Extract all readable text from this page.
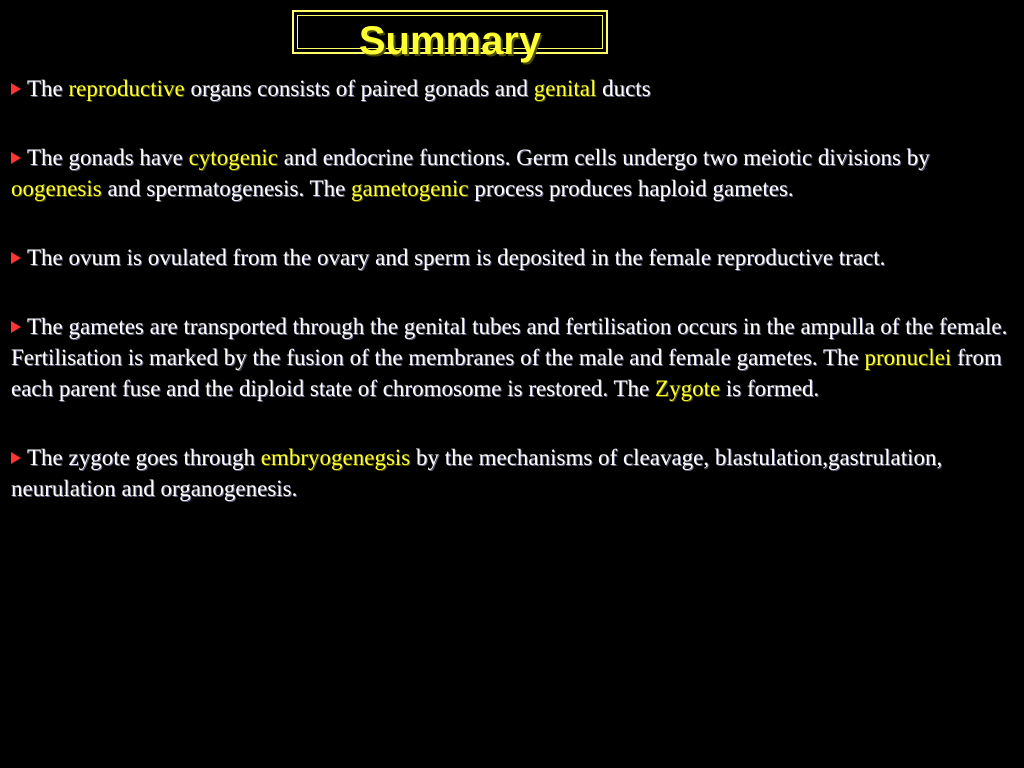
Summary

The reproductive organs consists of paired gonads and genital ducts

The gonads have cytogenic and endocrine functions. Germ cells undergo two meiotic divisions by oogenesis and spermatogenesis. The gametogenic process produces haploid gametes.

The ovum is ovulated from the ovary and sperm is deposited in the female reproductive tract.

The gametes are transported through the genital tubes and fertilisation occurs in the ampulla of the female. Fertilisation is marked by the fusion of the membranes of the male and female gametes. The pronuclei from each parent fuse and the diploid state of chromosome is restored. The Zygote is formed.

The zygote goes through embryogenegsis by the mechanisms of cleavage, blastulation,gastrulation, neurulation and organogenesis.
